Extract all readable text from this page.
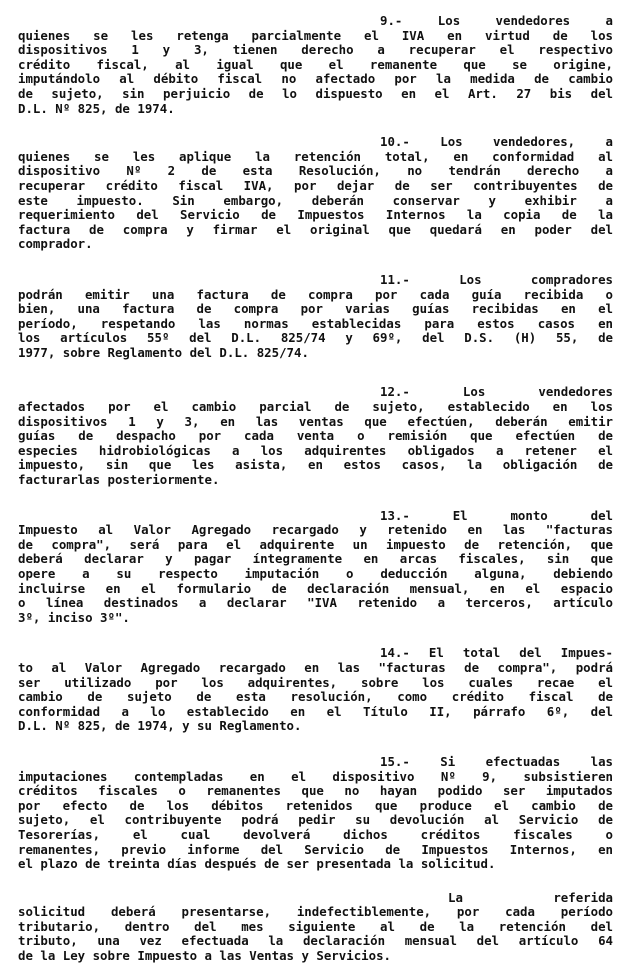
9.- Los vendedores a
quienes se les retenga parcialmente el IVA en virtud de los
dispositivos 1 y 3, tienen derecho a recuperar el respectivo
crédito fiscal, al igual que el remanente que se origine,
imputándolo al débito fiscal no afectado por la medida de cambio
de sujeto, sin perjuicio de lo dispuesto en el Art. 27 bis del
D.L. Nº 825, de 1974.

10.- Los vendedores, a
quienes se les aplique la retención total, en conformidad al
dispositivo Nº 2 de esta Resolución, no tendrán derecho a
recuperar crédito fiscal IVA, por dejar de ser contribuyentes de
este impuesto. Sin embargo, deberán conservar y exhibir a
requerimiento del Servicio de Impuestos Internos la copia de la
factura de compra y firmar el original que quedará en poder del
comprador.

11.- Los compradores
podrán emitir una factura de compra por cada guía recibida o
bien, una factura de compra por varias guías recibidas en el
período, respetando las normas establecidas para estos casos en
los artículos 55º del D.L. 825/74 y 69º, del D.S. (H) 55, de
1977, sobre Reglamento del D.L. 825/74.

12.- Los vendedores
afectados por el cambio parcial de sujeto, establecido en los
dispositivos 1 y 3, en las ventas que efectúen, deberán emitir
guías de despacho por cada venta o remisión que efectúen de
especies hidrobiológicas a los adquirentes obligados a retener el
impuesto, sin que les asista, en estos casos, la obligación de
facturarlas posteriormente.

13.- El monto del
Impuesto al Valor Agregado recargado y retenido en las "facturas
de compra", será para el adquirente un impuesto de retención, que
deberá declarar y pagar íntegramente en arcas fiscales, sin que
opere a su respecto imputación o deducción alguna, debiendo
incluirse en el formulario de declaración mensual, en el espacio
o línea destinados a declarar "IVA retenido a terceros, artículo
3º, inciso 3º".

14.- El total del Impues-
to al Valor Agregado recargado en las "facturas de compra", podrá
ser utilizado por los adquirentes, sobre los cuales recae el
cambio de sujeto de esta resolución, como crédito fiscal de
conformidad a lo establecido en el Título II, párrafo 6º, del
D.L. Nº 825, de 1974, y su Reglamento.

15.- Si efectuadas las
imputaciones contempladas en el dispositivo Nº 9, subsistieren
créditos fiscales o remanentes que no hayan podido ser imputados
por efecto de los débitos retenidos que produce el cambio de
sujeto, el contribuyente podrá pedir su devolución al Servicio de
Tesorerías, el cual devolverá dichos créditos fiscales o
remanentes, previo informe del Servicio de Impuestos Internos, en
el plazo de treinta días después de ser presentada la solicitud.

La referida
solicitud deberá presentarse, indefectiblemente, por cada período
tributario, dentro del mes siguiente al de la retención del
tributo, una vez efectuada la declaración mensual del artículo 64
de la Ley sobre Impuesto a las Ventas y Servicios.
